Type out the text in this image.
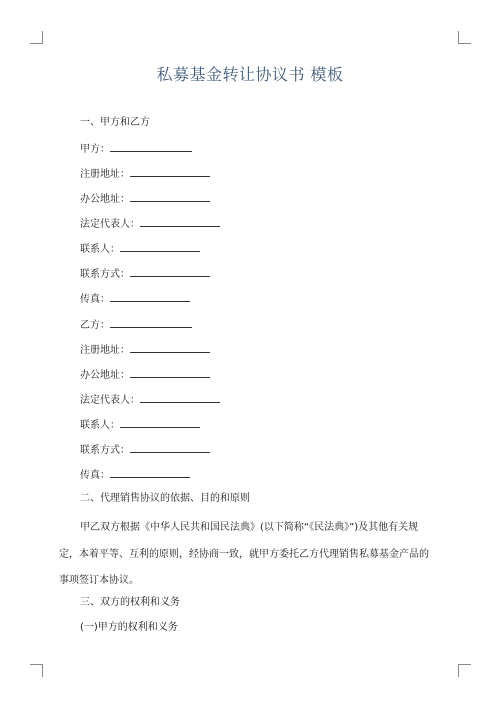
私募基金转让协议书 模板
一、甲方和乙方
甲方：
注册地址：
办公地址：
法定代表人：
联系人：
联系方式：
传真：
乙方：
注册地址：
办公地址：
法定代表人：
联系人：
联系方式：
传真：
二、代理销售协议的依据、目的和原则
甲乙双方根据《中华人民共和国民法典》(以下简称“《民法典》”)及其他有关规
定，本着平等、互利的原则，经协商一致，就甲方委托乙方代理销售私募基金产品的
事项签订本协议。
三、双方的权利和义务
(一)甲方的权利和义务
